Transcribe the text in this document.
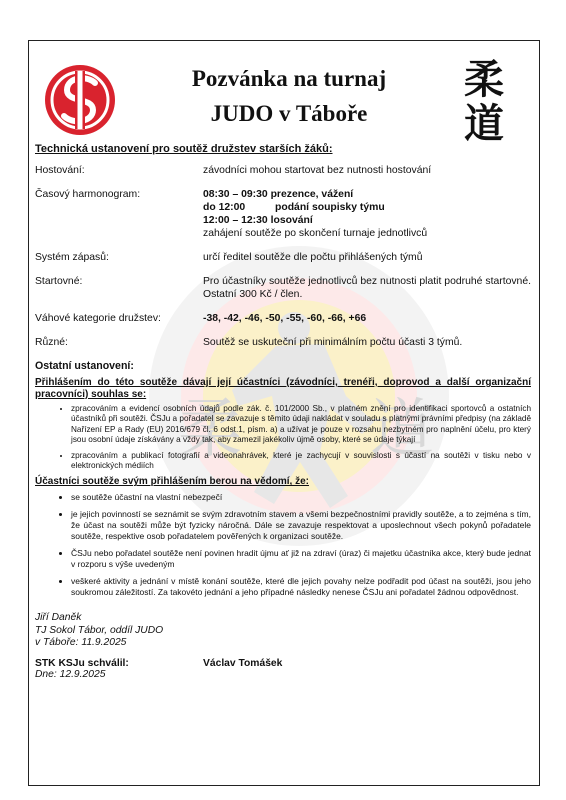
柔 道
柔
道
Pozvánka na turnaj
JUDO v Táboře
Technická ustanovení pro soutěž družstev starších žáků:
Hostování:	závodníci mohou startovat bez nutnosti hostování
Časový harmonogram:	08:30 – 09:30 prezence, vážení
do 12:00	podání soupisky týmu
12:00 – 12:30 losování
zahájení soutěže po skončení turnaje jednotlivců
Systém zápasů:	určí ředitel soutěže dle počtu přihlášených týmů
Startovné:	Pro účastníky soutěže jednotlivců bez nutnosti platit podruhé startovné. Ostatní 300 Kč / člen.
Váhové kategorie družstev:	-38, -42, -46, -50, -55, -60, -66, +66
Různé:	Soutěž se uskuteční při minimálním počtu účasti 3 týmů.
Ostatní ustanovení:
Přihlášením do této soutěže dávají její účastníci (závodníci, trenéři, doprovod a další organizační pracovníci) souhlas se:
• zpracováním a evidencí osobních údajů podle zák. č. 101/2000 Sb., v platném znění pro identifikaci sportovců a ostatních účastníků při soutěži. ČSJu a pořadatel se zavazuje s těmito údaji nakládat v souladu s platnými právními předpisy (na základě Nařízení EP a Rady (EU) 2016/679 čl. 6 odst.1, písm. a) a užívat je pouze v rozsahu nezbytném pro naplnění účelu, pro který jsou osobní údaje získávány a vždy tak, aby zamezil jakékoliv újmě osoby, které se údaje týkají
• zpracováním a publikací fotografií a videonahrávek, které je zachycují v souvislosti s účastí na soutěži v tisku nebo v elektronických médiích
Účastníci soutěže svým přihlášením berou na vědomí, že:
• se soutěže účastní na vlastní nebezpečí
• je jejich povinností se seznámit se svým zdravotním stavem a všemi bezpečnostními pravidly soutěže, a to zejména s tím, že účast na soutěži může být fyzicky náročná. Dále se zavazuje respektovat a uposlechnout všech pokynů pořadatele soutěže, respektive osob pořadatelem pověřených k organizaci soutěže.
• ČSJu nebo pořadatel soutěže není povinen hradit újmu ať již na zdraví (úraz) či majetku účastníka akce, který bude jednat v rozporu s výše uvedeným
• veškeré aktivity a jednání v místě konání soutěže, které dle jejich povahy nelze podřadit pod účast na soutěži, jsou jeho soukromou záležitostí. Za takovéto jednání a jeho případné následky nenese ČSJu ani pořadatel žádnou odpovědnost.
Jiří Daněk
TJ Sokol Tábor, oddíl JUDO
v Táboře: 11.9.2025
STK KSJu schválil:	Václav Tomášek
Dne: 12.9.2025
